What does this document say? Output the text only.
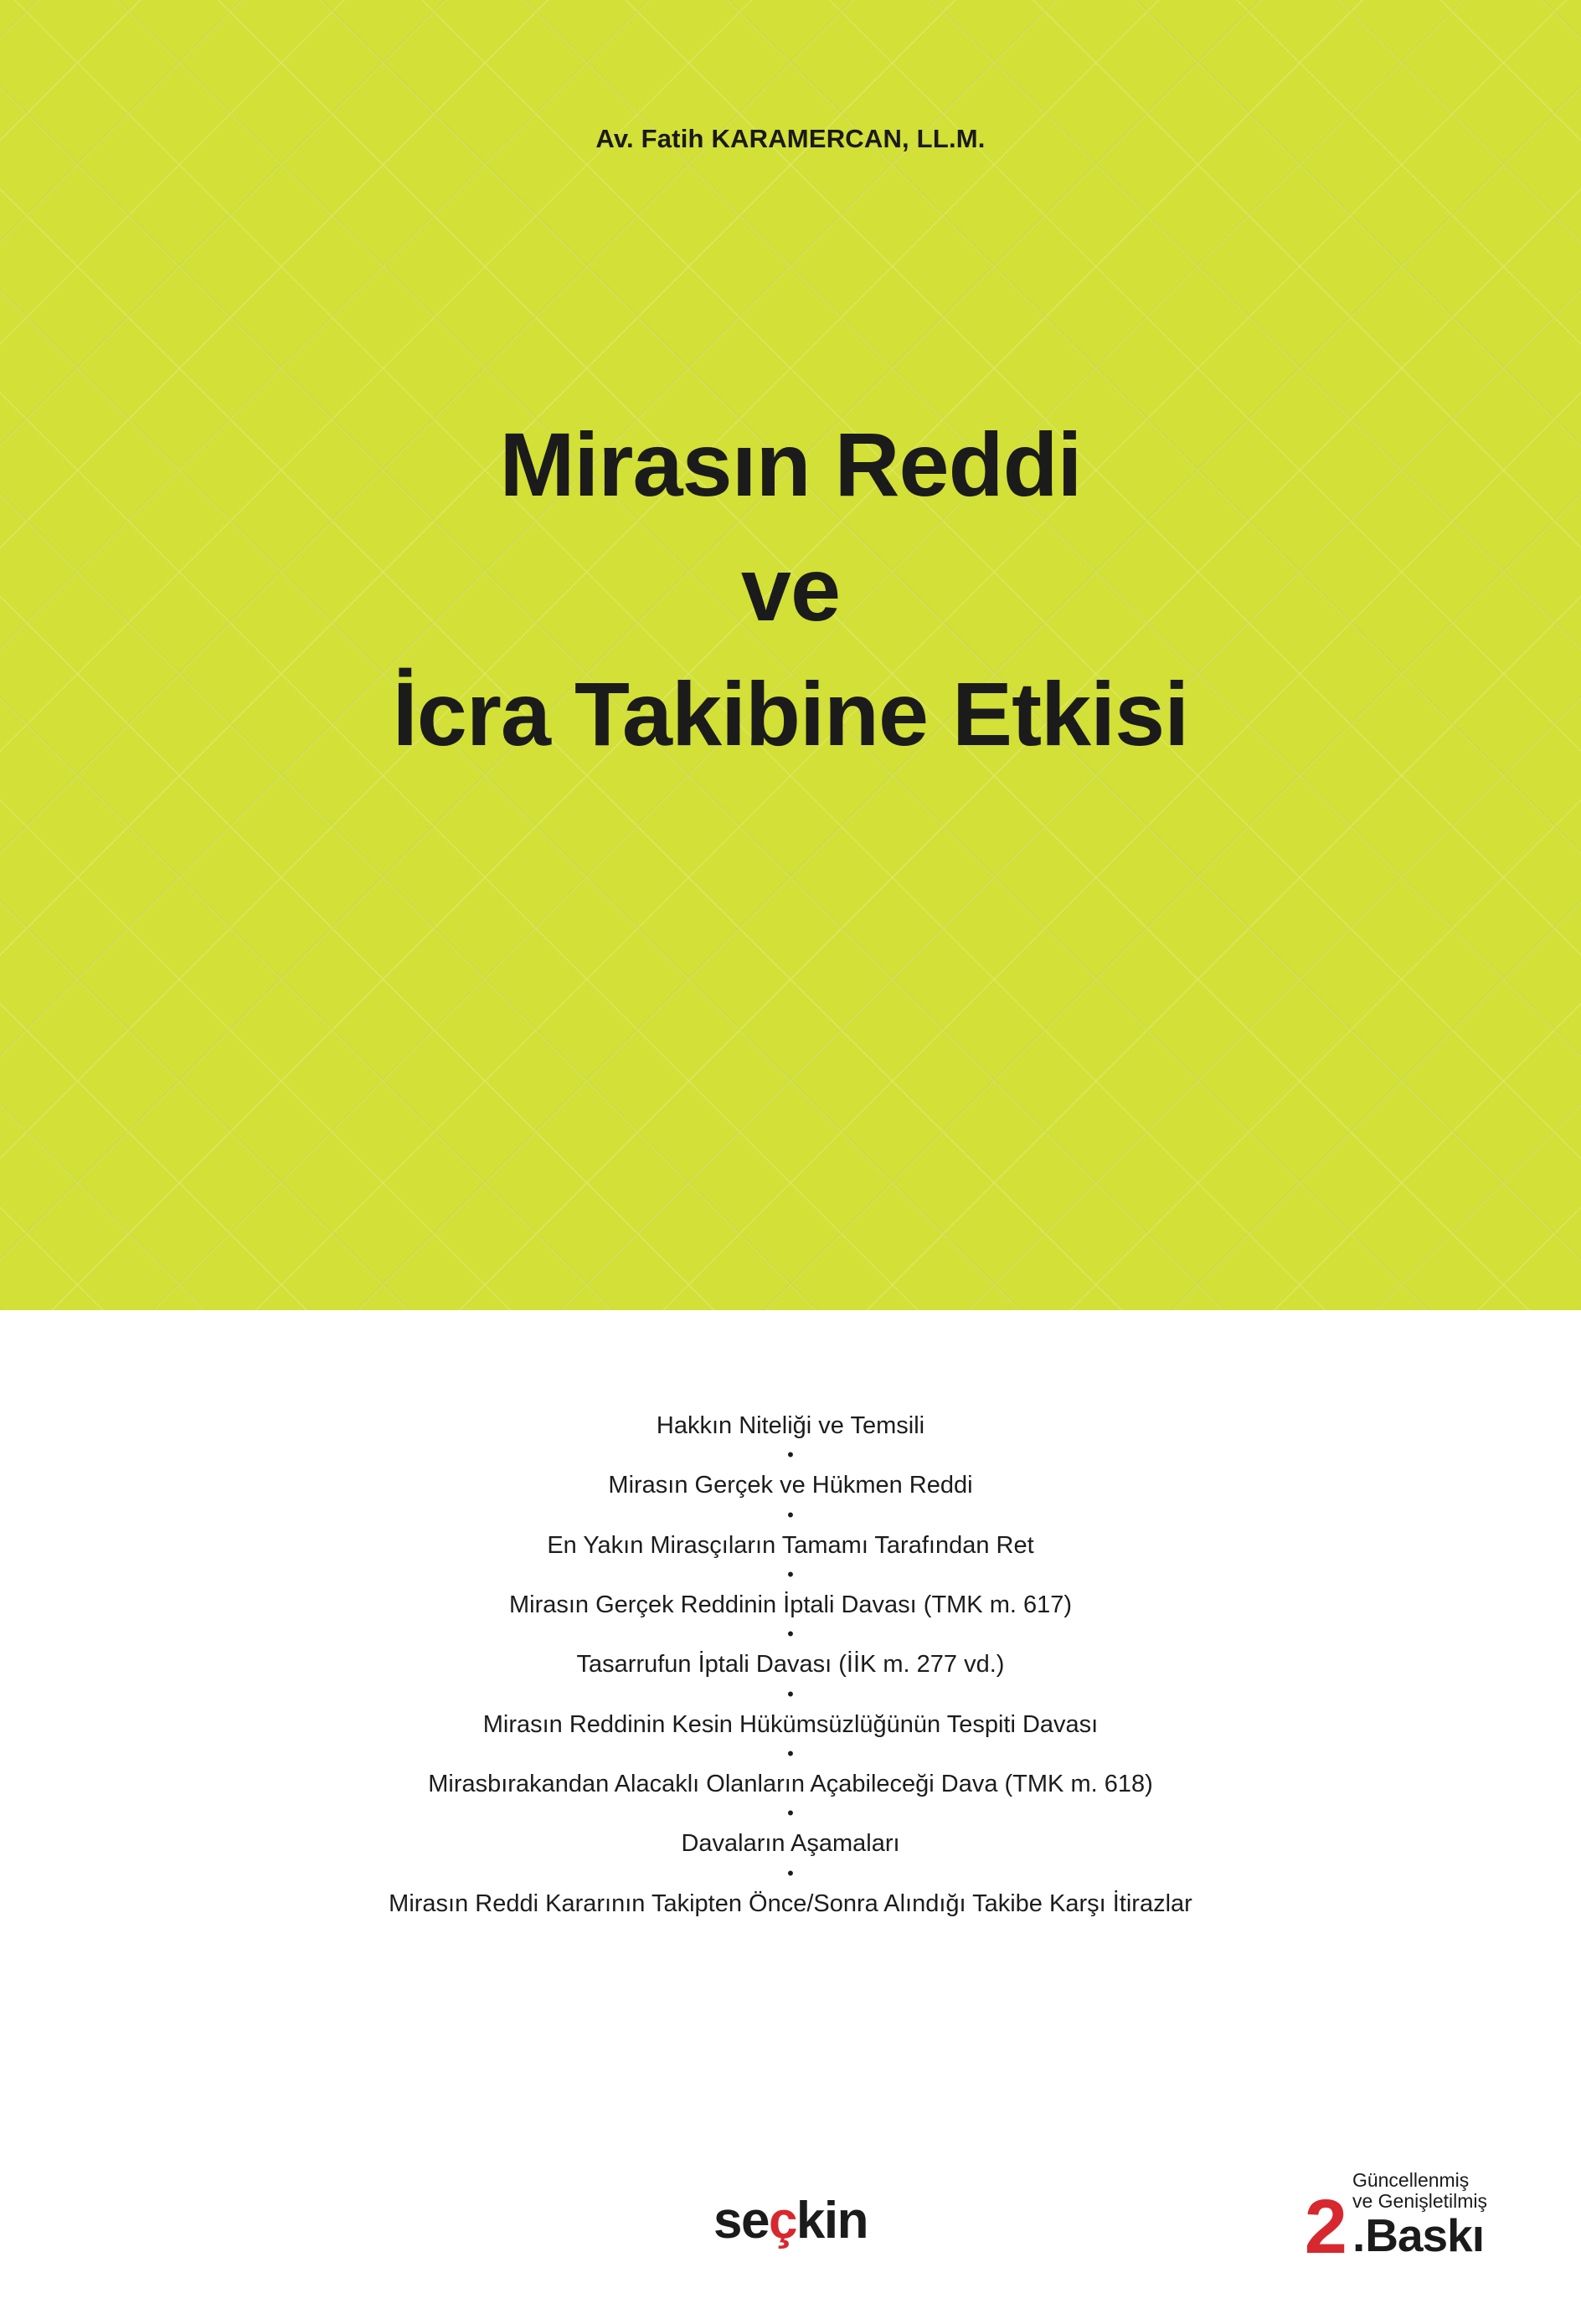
Av. Fatih KARAMERCAN, LL.M.
Mirasın Reddi
ve
İcra Takibine Etkisi
Hakkın Niteliği ve Temsili
•
Mirasın Gerçek ve Hükmen Reddi
•
En Yakın Mirasçıların Tamamı Tarafından Ret
•
Mirasın Gerçek Reddinin İptali Davası (TMK m. 617)
•
Tasarrufun İptali Davası (İİK m. 277 vd.)
•
Mirasın Reddinin Kesin Hükümsüzlüğünün Tespiti Davası
•
Mirasbırakandan Alacaklı Olanların Açabileceği Dava (TMK m. 618)
•
Davaların Aşamaları
•
Mirasın Reddi Kararının Takipten Önce/Sonra Alındığı Takibe Karşı İtirazlar
seçkin	2
Güncellenmiş
ve Genişletilmiş
. Baskı
